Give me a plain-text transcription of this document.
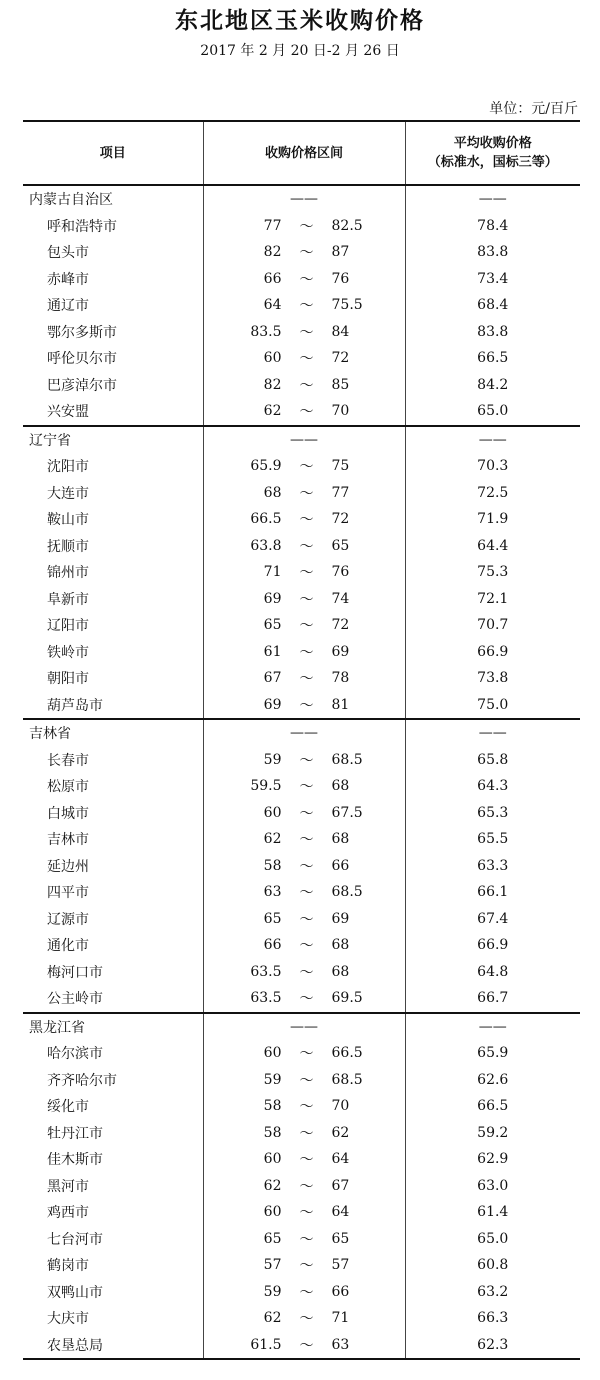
东北地区玉米收购价格
2017 年 2 月 20 日-2 月 26 日
单位：元/百斤
项目	收购价格区间	平均收购价格
（标准水，国标三等）

内蒙古自治区	——	——
呼和浩特市	77 ～ 82.5	78.4
包头市	82 ～ 87	83.8
赤峰市	66 ～ 76	73.4
通辽市	64 ～ 75.5	68.4
鄂尔多斯市	83.5 ～ 84	83.8
呼伦贝尔市	60 ～ 72	66.5
巴彦淖尔市	82 ～ 85	84.2
兴安盟	62 ～ 70	65.0
辽宁省	——	——
沈阳市	65.9 ～ 75	70.3
大连市	68 ～ 77	72.5
鞍山市	66.5 ～ 72	71.9
抚顺市	63.8 ～ 65	64.4
锦州市	71 ～ 76	75.3
阜新市	69 ～ 74	72.1
辽阳市	65 ～ 72	70.7
铁岭市	61 ～ 69	66.9
朝阳市	67 ～ 78	73.8
葫芦岛市	69 ～ 81	75.0
吉林省	——	——
长春市	59 ～ 68.5	65.8
松原市	59.5 ～ 68	64.3
白城市	60 ～ 67.5	65.3
吉林市	62 ～ 68	65.5
延边州	58 ～ 66	63.3
四平市	63 ～ 68.5	66.1
辽源市	65 ～ 69	67.4
通化市	66 ～ 68	66.9
梅河口市	63.5 ～ 68	64.8
公主岭市	63.5 ～ 69.5	66.7
黑龙江省	——	——
哈尔滨市	60 ～ 66.5	65.9
齐齐哈尔市	59 ～ 68.5	62.6
绥化市	58 ～ 70	66.5
牡丹江市	58 ～ 62	59.2
佳木斯市	60 ～ 64	62.9
黑河市	62 ～ 67	63.0
鸡西市	60 ～ 64	61.4
七台河市	65 ～ 65	65.0
鹤岗市	57 ～ 57	60.8
双鸭山市	59 ～ 66	63.2
大庆市	62 ～ 71	66.3
农垦总局	61.5 ～ 63	62.3
